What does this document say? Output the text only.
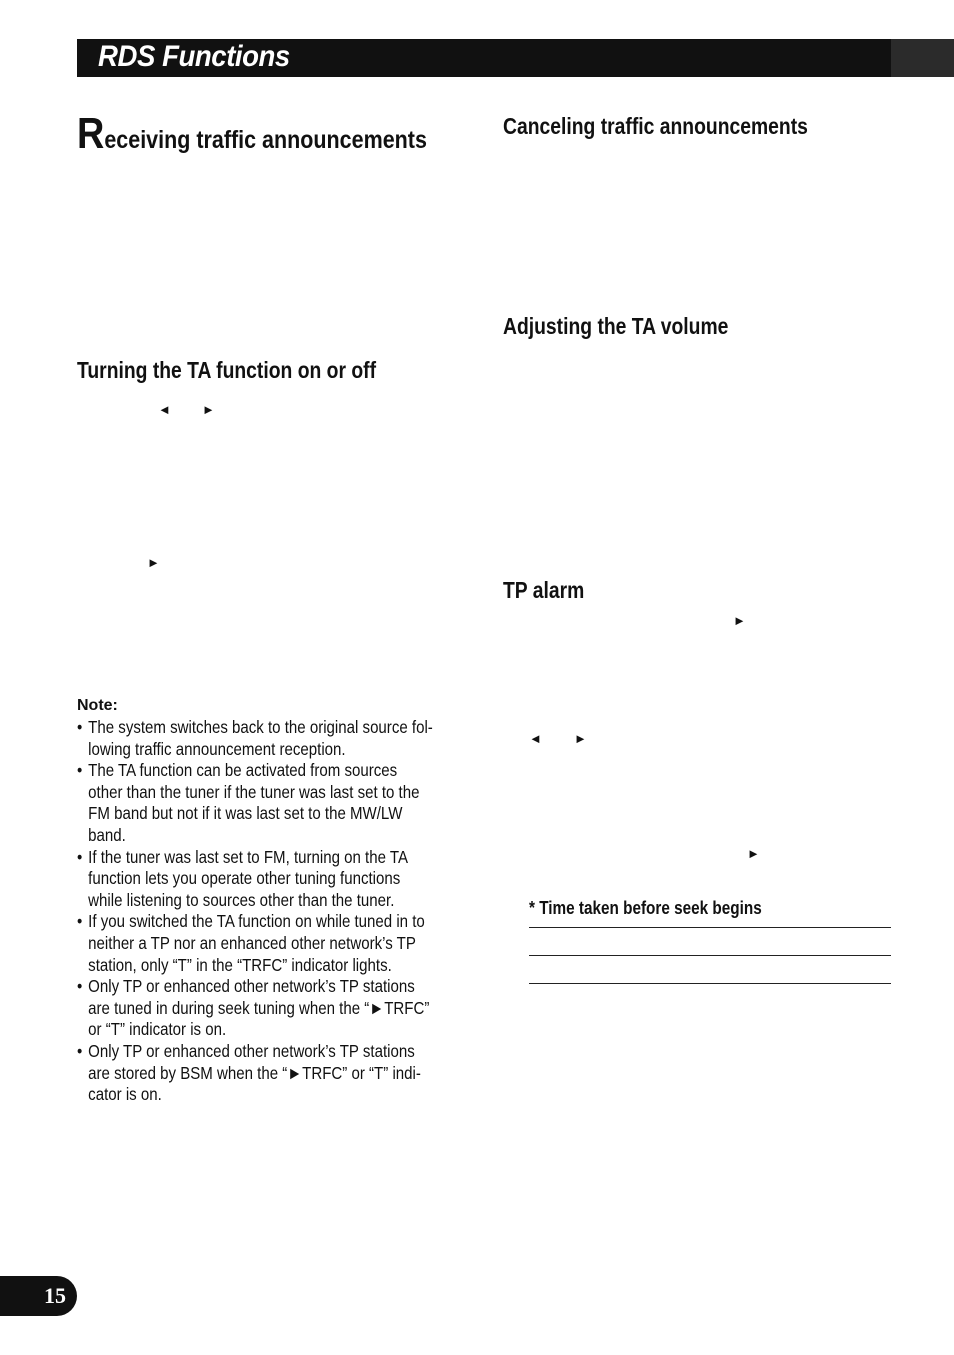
RDS Functions
Receiving traffic announcements
Turning the TA function on or off
◄ ►
►
Note:
• The system switches back to the original source fol-
lowing traffic announcement reception.
• The TA function can be activated from sources
other than the tuner if the tuner was last set to the
FM band but not if it was last set to the MW/LW
band.
• If the tuner was last set to FM, turning on the TA
function lets you operate other tuning functions
while listening to sources other than the tuner.
• If you switched the TA function on while tuned in to
neither a TP nor an enhanced other network’s TP
station, only “T” in the “TRFC” indicator lights.
• Only TP or enhanced other network’s TP stations
are tuned in during seek tuning when the “►TRFC”
or “T” indicator is on.
• Only TP or enhanced other network’s TP stations
are stored by BSM when the “►TRFC” or “T” indi-
cator is on.
Canceling traffic announcements
Adjusting the TA volume
TP alarm
►
◄ ►
►
* Time taken before seek begins
15
